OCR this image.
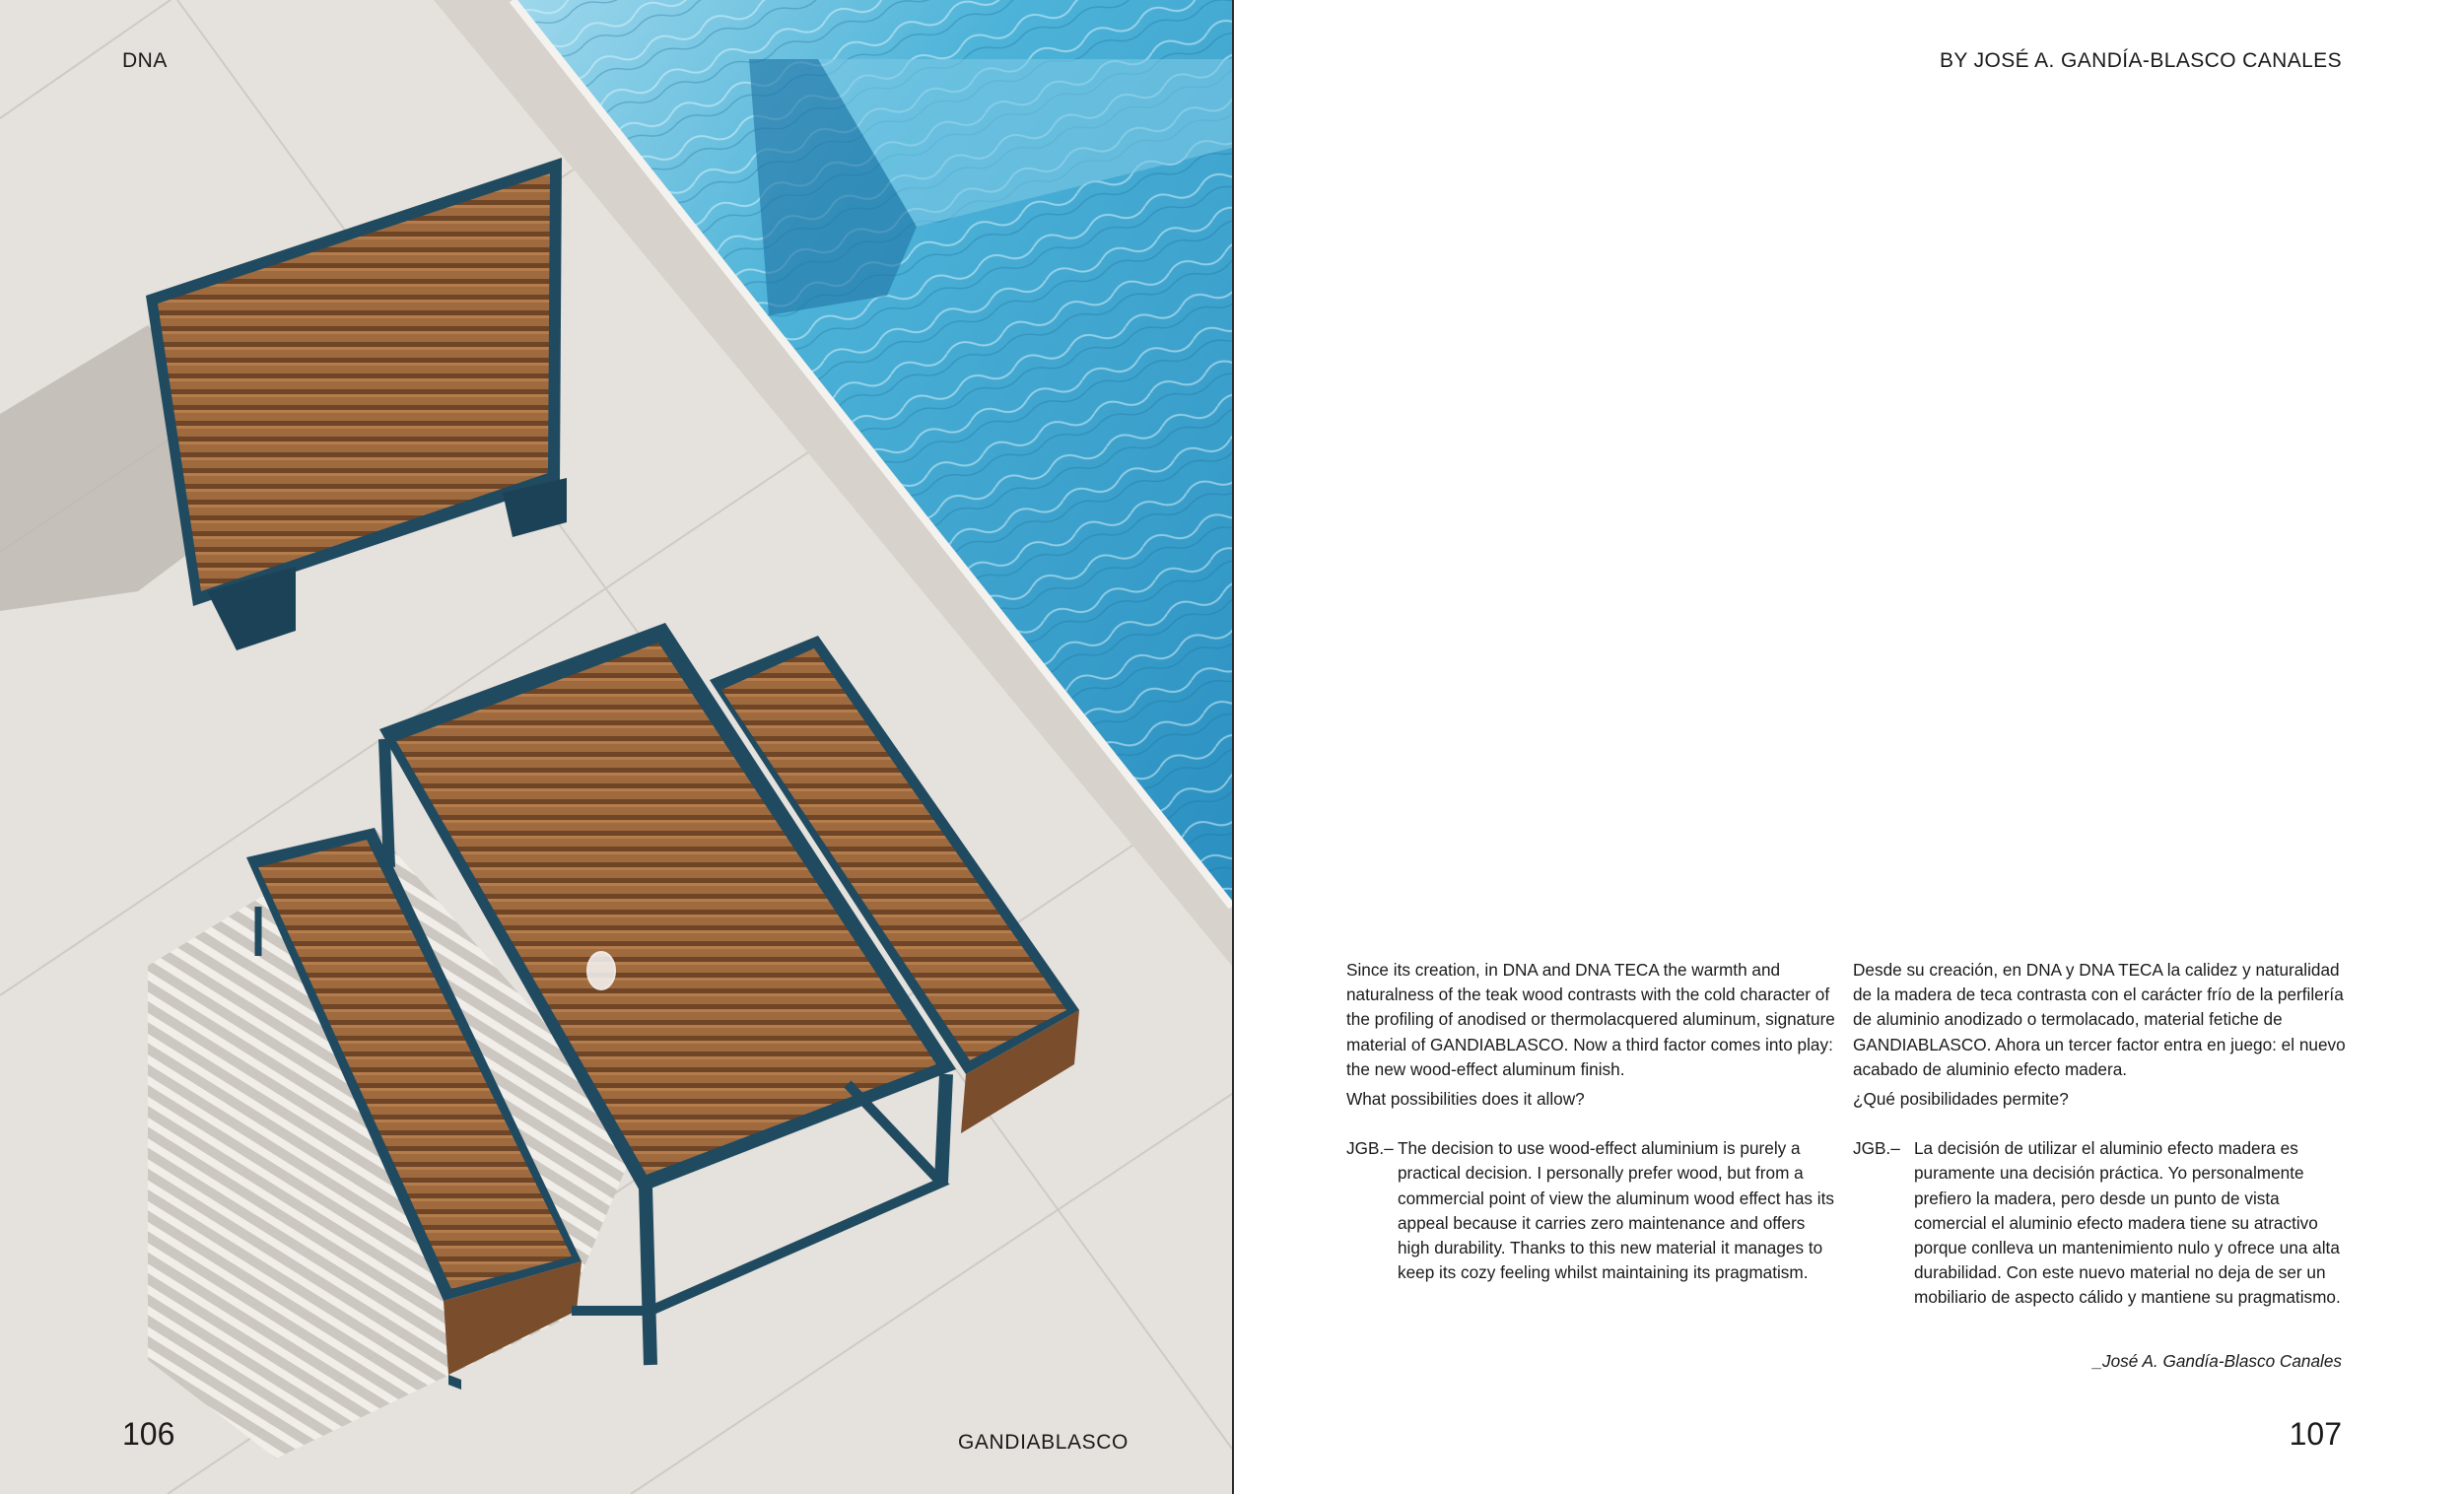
DNA
106	GANDIABLASCO
BY JOSÉ A. GANDÍA-BLASCO CANALES

Since its creation, in DNA and DNA TECA the warmth and naturalness of the teak wood contrasts with the cold character of the profiling of anodised or thermolacquered aluminum, signature material of GANDIABLASCO. Now a third factor comes into play: the new wood-effect aluminum finish.

What possibilities does it allow?

JGB.– The decision to use wood-effect aluminium is purely a practical decision. I personally prefer wood, but from a commercial point of view the aluminum wood effect has its appeal because it carries zero maintenance and offers high durability. Thanks to this new material it manages to keep its cozy feeling whilst maintaining its pragmatism.

Desde su creación, en DNA y DNA TECA la calidez y naturalidad de la madera de teca contrasta con el carácter frío de la perfilería de aluminio anodizado o termolacado, material fetiche de GANDIABLASCO. Ahora un tercer factor entra en juego: el nuevo acabado de aluminio efecto madera.

¿Qué posibilidades permite?

JGB.– La decisión de utilizar el aluminio efecto madera es puramente una decisión práctica. Yo personalmente prefiero la madera, pero desde un punto de vista comercial el aluminio efecto madera tiene su atractivo porque conlleva un mantenimiento nulo y ofrece una alta durabilidad. Con este nuevo material no deja de ser un mobiliario de aspecto cálido y mantiene su pragmatismo.
_José A. Gandía-Blasco Canales
107
